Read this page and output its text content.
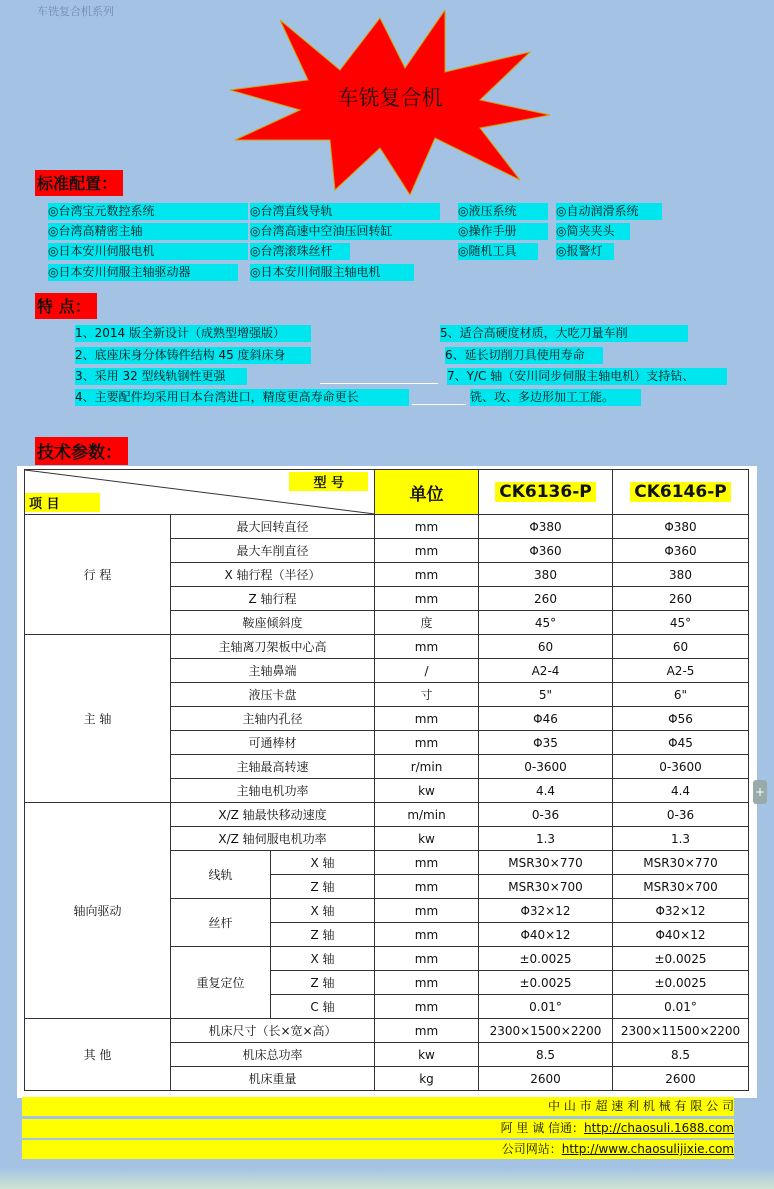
车铣复合机系列
车铣复合机
标准配置：
◎台湾宝元数控系统	◎台湾直线导轨	◎液压系统	◎自动润滑系统
◎台湾高精密主轴	◎台湾高速中空油压回转缸	◎操作手册	◎简夹夹头
◎日本安川伺服电机	◎台湾滚珠丝杆	◎随机工具	◎报警灯
◎日本安川伺服主轴驱动器	◎日本安川伺服主轴电机
特 点：
1、2014 版全新设计（成熟型增强版）
2、底座床身分体铸件结构 45 度斜床身
3、采用 32 型线轨钢性更强
4、主要配件均采用日本台湾进口，精度更高寿命更长
5、适合高硬度材质，大吃刀量车削
6、延长切削刀具使用寿命
7、Y/C 轴（安川同步伺服主轴电机）支持钻、
铣、攻、多边形加工工能。
技术参数：
型 号
项 目			单位	CK6136-P	CK6146-P
行 程	最大回转直径		mm	Φ380	Φ380
	最大车削直径		mm	Φ360	Φ360
	X 轴行程（半径）		mm	380	380
	Z 轴行程		mm	260	260
	鞍座倾斜度		度	45°	45°
主 轴	主轴离刀架板中心高		mm	60	60
	主轴鼻端		/	A2-4	A2-5
	液压卡盘		寸	5"	6"
	主轴内孔径		mm	Φ46	Φ56
	可通棒材		mm	Φ35	Φ45
	主轴最高转速		r/min	0-3600	0-3600
	主轴电机功率		kw	4.4	4.4
轴向驱动	X/Z 轴最快移动速度		m/min	0-36	0-36
	X/Z 轴伺服电机功率		kw	1.3	1.3
	线轨	X 轴	mm	MSR30×770	MSR30×770
		Z 轴	mm	MSR30×700	MSR30×700
	丝杆	X 轴	mm	Φ32×12	Φ32×12
		Z 轴	mm	Φ40×12	Φ40×12
	重复定位	X 轴	mm	±0.0025	±0.0025
		Z 轴	mm	±0.0025	±0.0025
		C 轴	mm	0.01°	0.01°
其 他	机床尺寸（长×宽×高）		mm	2300×1500×2200	2300×11500×2200
	机床总功率		kw	8.5	8.5
	机床重量		kg	2600	2600
+
中 山 市 超 速 利 机 械 有 限 公 司
阿 里 诚 信通：http://chaosuli.1688.com
公司网站：http://www.chaosulijixie.com
